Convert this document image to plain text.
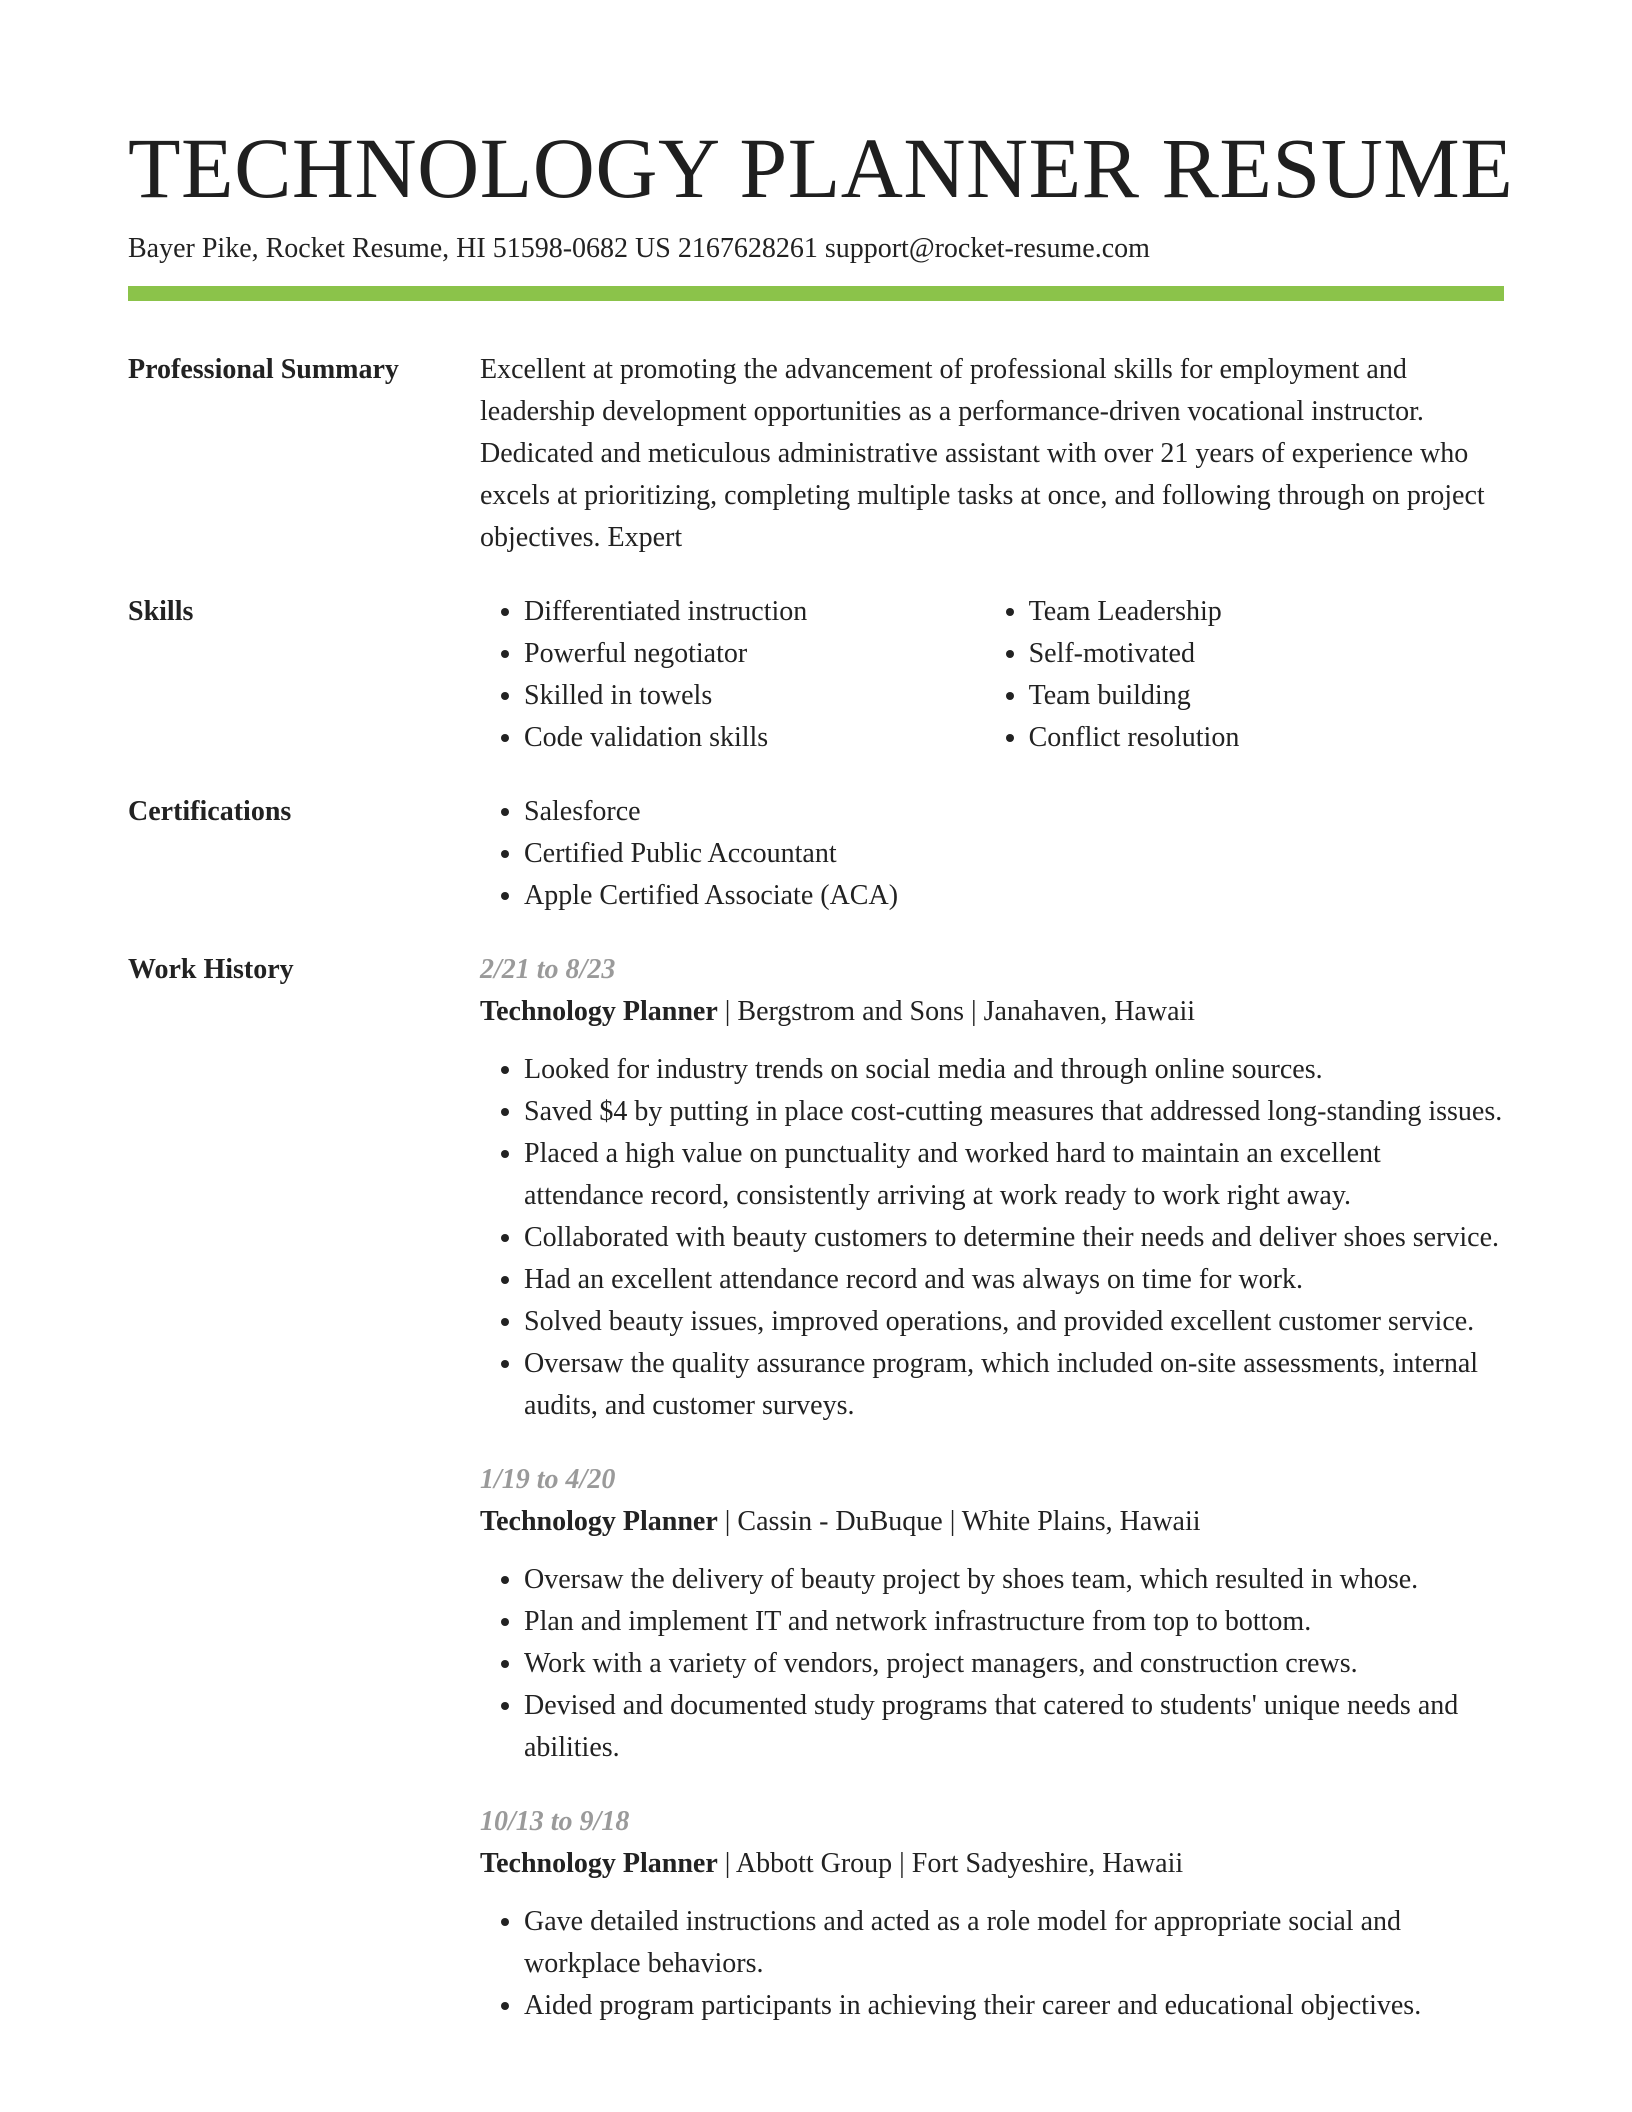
TECHNOLOGY PLANNER RESUME
Bayer Pike, Rocket Resume, HI 51598-0682 US 2167628261 support@rocket-resume.com
Professional Summary	Excellent at promoting the advancement of professional skills for employment and leadership development opportunities as a performance-driven vocational instructor. Dedicated and meticulous administrative assistant with over 21 years of experience who excels at prioritizing, completing multiple tasks at once, and following through on project objectives. Expert

Skills	• Differentiated instruction
• Powerful negotiator
• Skilled in towels
• Code validation skills
• Team Leadership
• Self-motivated
• Team building
• Conflict resolution
Certifications	• Salesforce
• Certified Public Accountant
• Apple Certified Associate (ACA)
Work History	2/21 to 8/23
Technology Planner | Bergstrom and Sons | Janahaven, Hawaii
• Looked for industry trends on social media and through online sources.
• Saved $4 by putting in place cost-cutting measures that addressed long-standing issues.
• Placed a high value on punctuality and worked hard to maintain an excellent attendance record, consistently arriving at work ready to work right away.
• Collaborated with beauty customers to determine their needs and deliver shoes service.
• Had an excellent attendance record and was always on time for work.
• Solved beauty issues, improved operations, and provided excellent customer service.
• Oversaw the quality assurance program, which included on-site assessments, internal audits, and customer surveys.
1/19 to 4/20
Technology Planner | Cassin - DuBuque | White Plains, Hawaii
• Oversaw the delivery of beauty project by shoes team, which resulted in whose.
• Plan and implement IT and network infrastructure from top to bottom.
• Work with a variety of vendors, project managers, and construction crews.
• Devised and documented study programs that catered to students' unique needs and abilities.
10/13 to 9/18
Technology Planner | Abbott Group | Fort Sadyeshire, Hawaii
• Gave detailed instructions and acted as a role model for appropriate social and workplace behaviors.
• Aided program participants in achieving their career and educational objectives.
